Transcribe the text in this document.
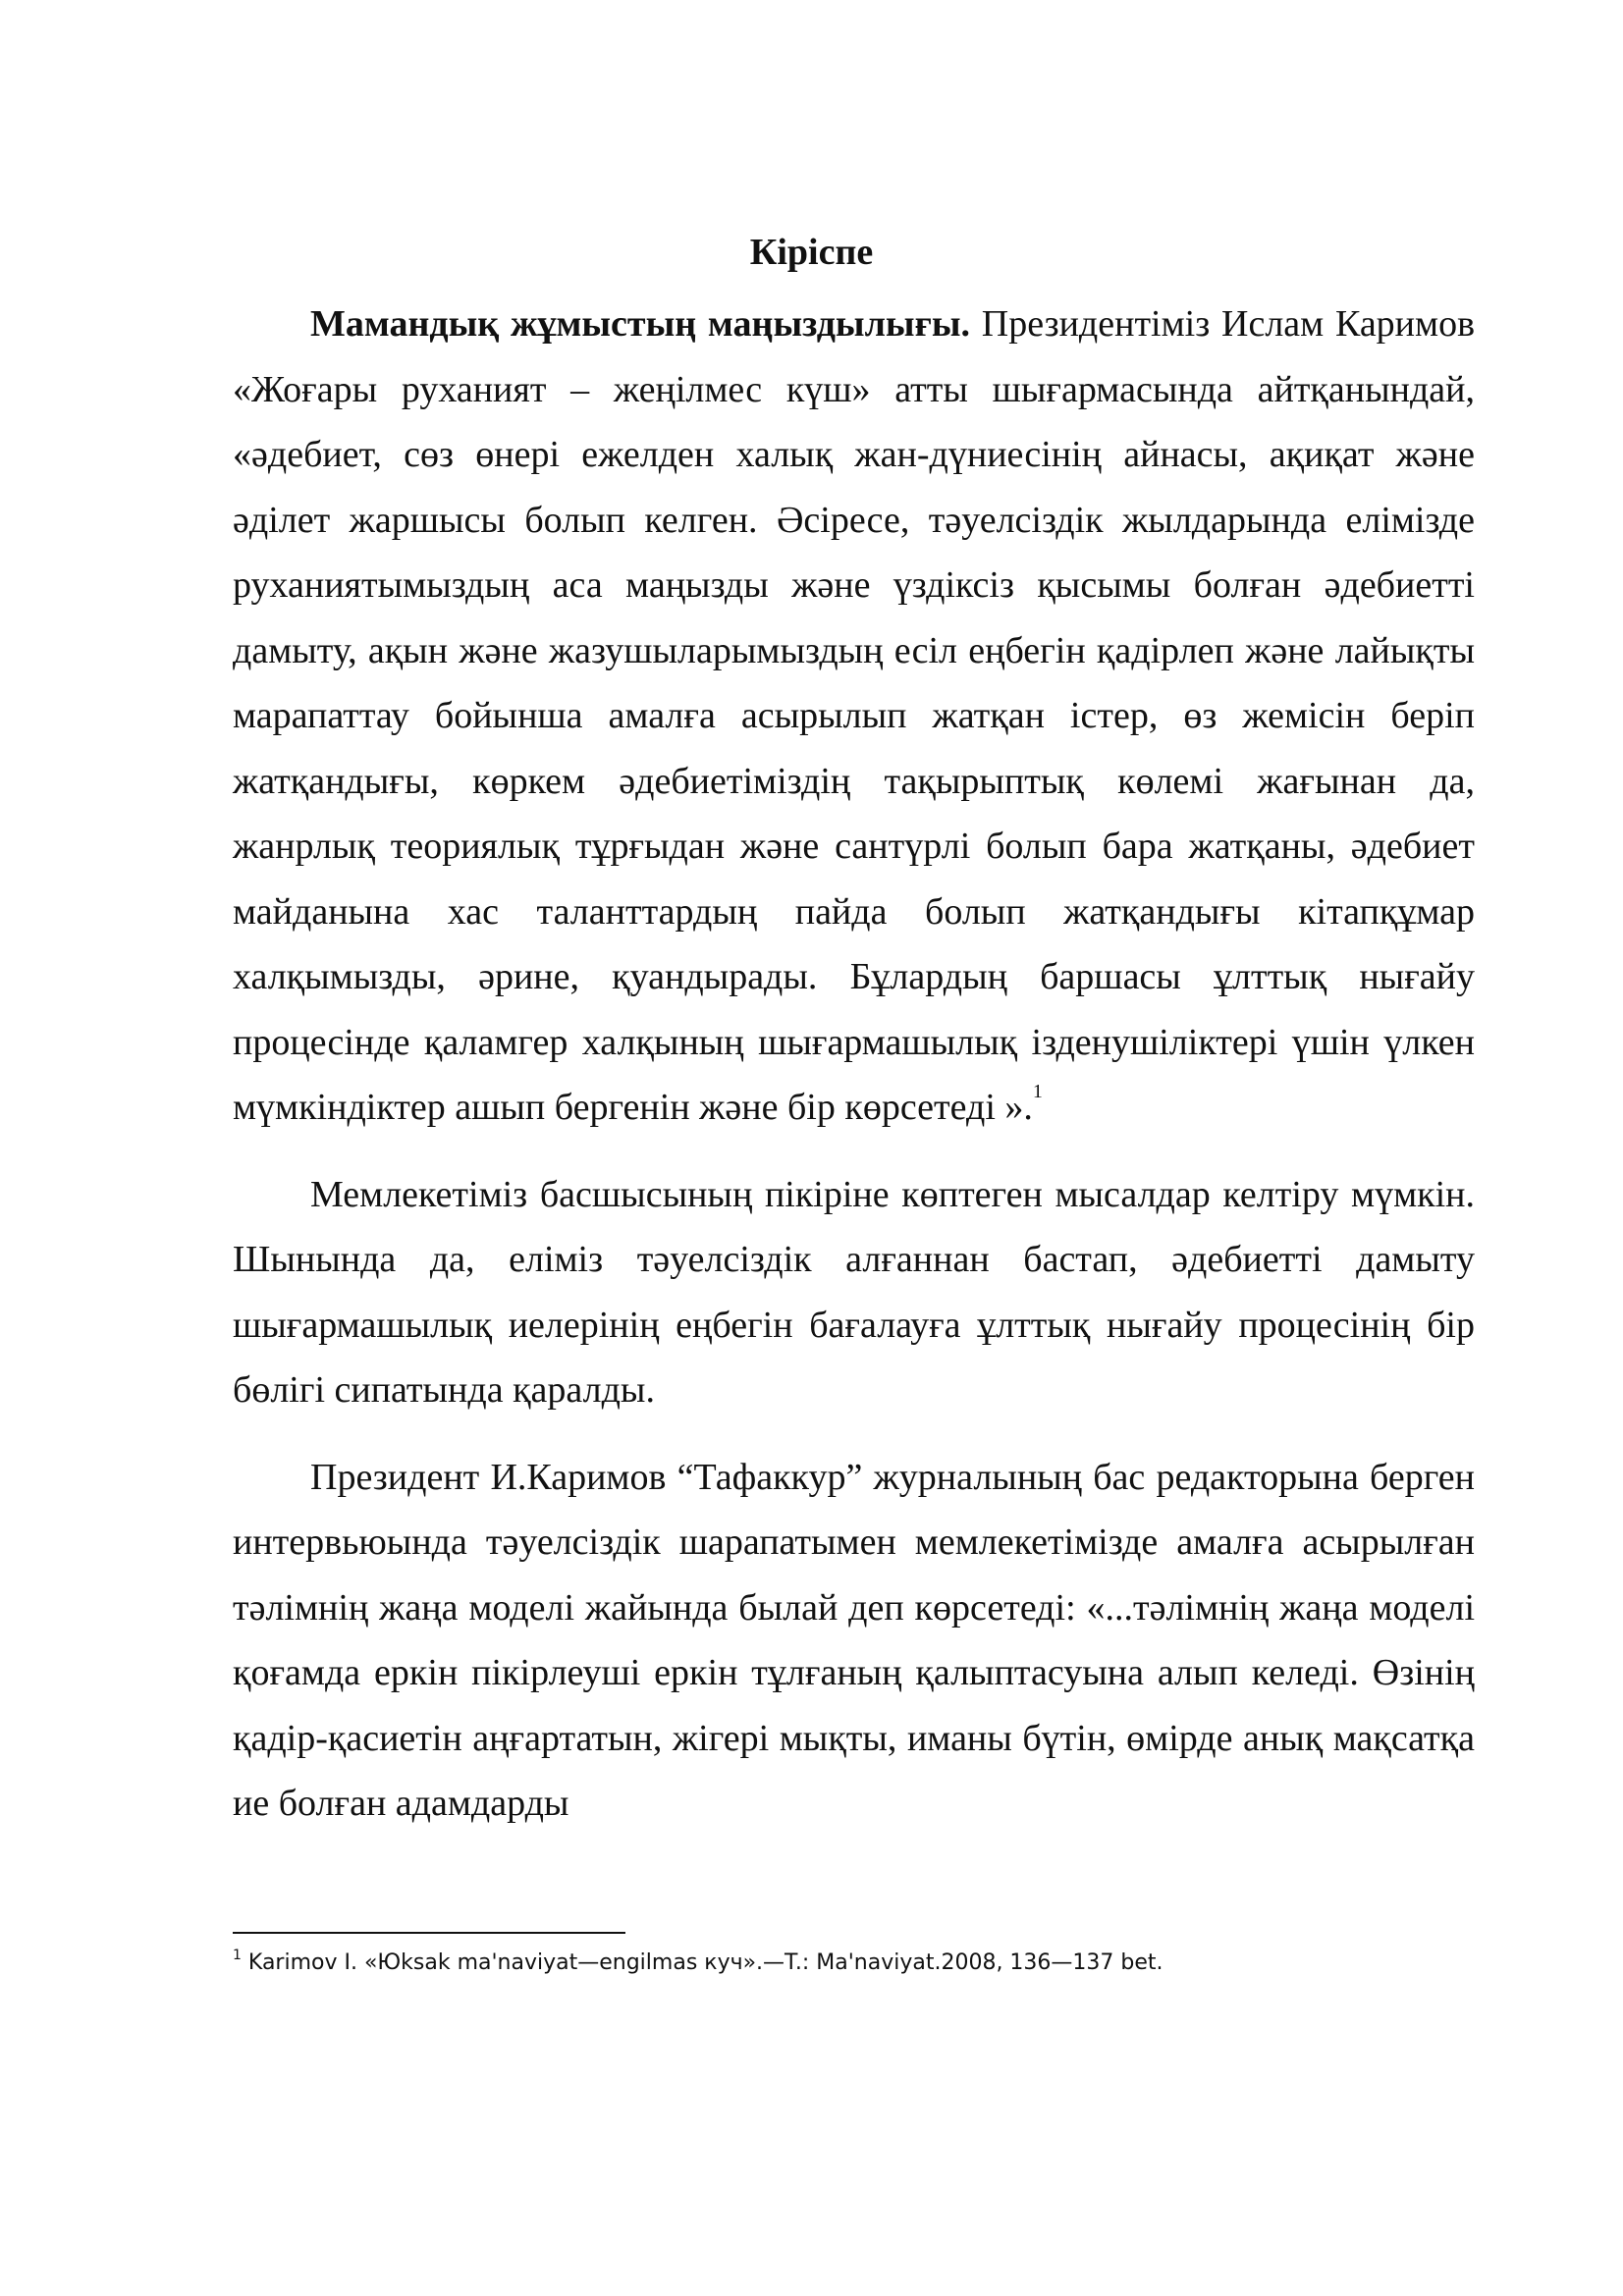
Кіріспе

Мамандық жұмыстың маңыздылығы. Президентіміз Ислам Каримов «Жоғары руханият – жеңілмес күш» атты шығармасында айтқанындай, «әдебиет, сөз өнері ежелден халық жан-дүниесінің айнасы, ақиқат және әділет жаршысы болып келген. Әсіресе, тәуелсіздік жылдарында елімізде руханиятымыздың аса маңызды және үздіксіз қысымы болған әдебиетті дамыту, ақын және жазушыларымыздың есіл еңбегін қадірлеп және лайықты марапаттау бойынша амалға асырылып жатқан істер, өз жемісін беріп жатқандығы, көркем әдебиетіміздің тақырыптық көлемі жағынан да, жанрлық теориялық тұрғыдан және сантүрлі болып бара жатқаны, әдебиет майданына хас таланттардың пайда болып жатқандығы кітапқұмар халқымызды, әрине, қуандырады. Бұлардың баршасы ұлттық нығайу процесінде қаламгер халқының шығармашылық ізденушіліктері үшін үлкен мүмкіндіктер ашып бергенін және бір көрсетеді ».$^1$

Мемлекетіміз басшысының пікіріне көптеген мысалдар келтіру мүмкін. Шынында да, еліміз тәуелсіздік алғаннан бастап, әдебиетті дамыту шығармашылық иелерінің еңбегін бағалауға ұлттық нығайу процесінің бір бөлігі сипатында қаралды.

Президент И.Каримов “Тафаккур” журналының бас редакторына берген интервьюында тәуелсіздік шарапатымен мемлекетімізде амалға асырылған тәлімнің жаңа моделі жайында былай деп көрсетеді: «...тәлімнің жаңа моделі қоғамда еркін пікірлеуші еркін тұлғаның қалыптасуына алып келеді. Өзінің қадір-қасиетін аңғартатын, жігері мықты, иманы бүтін, өмірде анық мақсатқа ие болған адамдарды

$^1$ Karimov I. «Юksak ma'naviyat—engilmas куч».—T.: Ma'naviyat.2008, 136—137 bet.
